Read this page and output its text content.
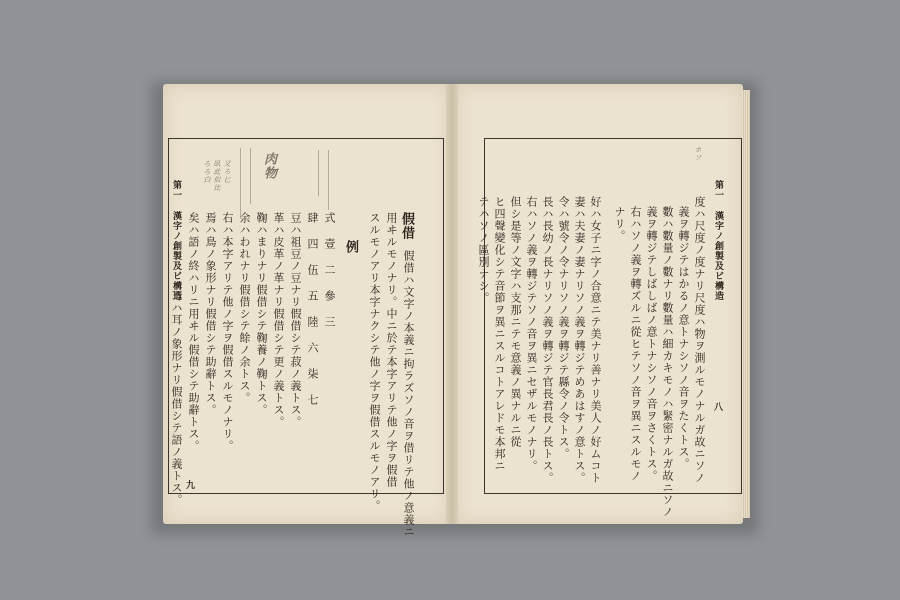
第一 漢字ノ創製及ビ構造
九
ろろ白 臥此似比 又ろ匕 肉物
假借
例
假借ハ文字ノ本義ニ拘ラズソノ音ヲ借リテ他ノ意義ニ
用ヰルモノナリ。中ニ於テ本字アリテ他ノ字ヲ假借
スルモノアリ本字ナクシテ他ノ字ヲ假借スルモノアリ。
式 壹 二 參 三
肆 四 伍 五 陸 六 柒 七
豆ハ祖豆ノ豆ナリ假借シテ菽ノ義トス。
革ハ皮革ノ革ナリ假借シテ更ノ義トス。
鞠ハまりナリ假借シテ鞠養ノ鞠トス。
余ハわれナリ假借シテ餘ノ余トス。
右ハ本字アリテ他ノ字ヲ假借スルモノナリ。
焉ハ鳥ノ象形ナリ假借シテ助辭トス。
矣ハ語ノ終ハリニ用ヰル假借シテ助辭トス。
耳ハ耳ノ象形ナリ假借シテ語ノ義トス。
第一 漢字ノ創製及ビ構造
八
ホソ
度ハ尺度ノ度ナリ尺度ハ物ヲ測ルモノナルガ故ニソノ
義ヲ轉ジテはかるノ意トナシソノ音ヲたくトス。
數ハ數量ノ數ナリ數量ハ細カキモノハ緊密ナルガ故ニソノ
義ヲ轉ジテしばしばノ意トナシソノ音ヲさくトス。
右ハソノ義ヲ轉ズルニ從ヒテソノ音ヲ異ニスルモノ
ナリ。
好ハ女子ニ字ノ合意ニテ美ナリ善ナリ美人ノ好ムコト
妻ハ夫妻ノ妻ナリソノ義ヲ轉ジテめあはすノ意トス。
令ハ號令ノ令ナリソノ義ヲ轉ジテ縣令ノ令トス。
長ハ長幼ノ長ナリソノ義ヲ轉ジテ官長君長ノ長トス。
右ハソノ義ヲ轉ジテソノ音ヲ異ニセザルモノナリ。
但シ是等ノ文字ハ支那ニテモ意義ノ異ナルニ從
ヒ四聲變化シテ音節ヲ異ニスルコトアレドモ本邦ニ
テハソノ區別ナシ。
